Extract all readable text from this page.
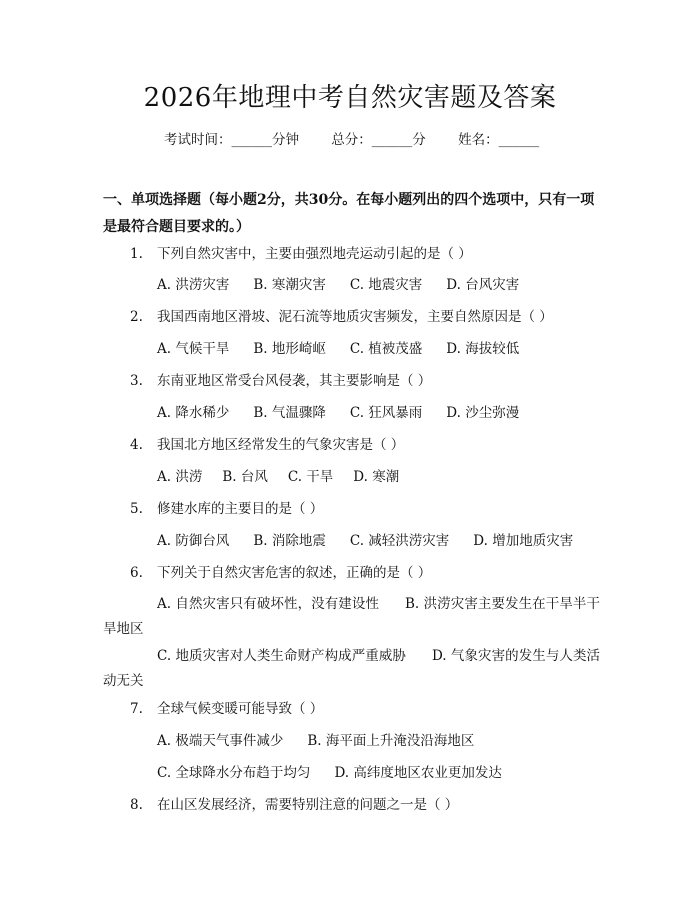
2026年地理中考自然灾害题及答案
考试时间：______分钟 总分：______分 姓名：______
一、单项选择题（每小题2分，共30分。在每小题列出的四个选项中，只有一项是最符合题目要求的。）
1. 下列自然灾害中，主要由强烈地壳运动引起的是（ ）
A. 洪涝灾害 B. 寒潮灾害 C. 地震灾害 D. 台风灾害
2. 我国西南地区滑坡、泥石流等地质灾害频发，主要自然原因是（ ）
A. 气候干旱 B. 地形崎岖 C. 植被茂盛 D. 海拔较低
3. 东南亚地区常受台风侵袭，其主要影响是（ ）
A. 降水稀少 B. 气温骤降 C. 狂风暴雨 D. 沙尘弥漫
4. 我国北方地区经常发生的气象灾害是（ ）
A. 洪涝 B. 台风 C. 干旱 D. 寒潮
5. 修建水库的主要目的是（ ）
A. 防御台风 B. 消除地震 C. 减轻洪涝灾害 D. 增加地质灾害
6. 下列关于自然灾害危害的叙述，正确的是（ ）
A. 自然灾害只有破坏性，没有建设性 B. 洪涝灾害主要发生在干旱半干旱地区
C. 地质灾害对人类生命财产构成严重威胁 D. 气象灾害的发生与人类活动无关
7. 全球气候变暖可能导致（ ）
A. 极端天气事件减少 B. 海平面上升淹没沿海地区
C. 全球降水分布趋于均匀 D. 高纬度地区农业更加发达
8. 在山区发展经济，需要特别注意的问题之一是（ ）
